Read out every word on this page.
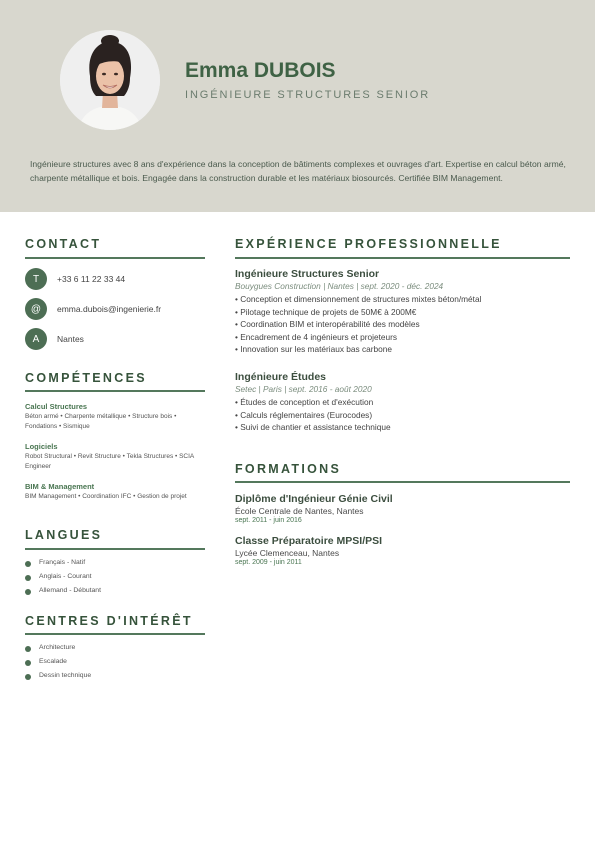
Emma DUBOIS
INGÉNIEURE STRUCTURES SENIOR
Ingénieure structures avec 8 ans d'expérience dans la conception de bâtiments complexes et ouvrages d'art. Expertise en calcul béton armé, charpente métallique et bois. Engagée dans la construction durable et les matériaux biosourcés. Certifiée BIM Management.
CONTACT
T	+33 6 11 22 33 44
@	emma.dubois@ingenierie.fr
A	Nantes
COMPÉTENCES
Calcul Structures
Béton armé • Charpente métallique • Structure bois • Fondations • Sismique
Logiciels
Robot Structural • Revit Structure • Tekla Structures • SCIA Engineer
BIM & Management
BIM Management • Coordination IFC • Gestion de projet
LANGUES
Français - Natif
Anglais - Courant
Allemand - Débutant
CENTRES D'INTÉRÊT
Architecture
Escalade
Dessin technique
EXPÉRIENCE PROFESSIONNELLE
Ingénieure Structures Senior
Bouygues Construction | Nantes | sept. 2020 - déc. 2024
• Conception et dimensionnement de structures mixtes béton/métal
• Pilotage technique de projets de 50M€ à 200M€
• Coordination BIM et interopérabilité des modèles
• Encadrement de 4 ingénieurs et projeteurs
• Innovation sur les matériaux bas carbone
Ingénieure Études
Setec | Paris | sept. 2016 - août 2020
• Études de conception et d'exécution
• Calculs réglementaires (Eurocodes)
• Suivi de chantier et assistance technique
FORMATIONS
Diplôme d'Ingénieur Génie Civil
École Centrale de Nantes, Nantes
sept. 2011 - juin 2016
Classe Préparatoire MPSI/PSI
Lycée Clemenceau, Nantes
sept. 2009 - juin 2011
